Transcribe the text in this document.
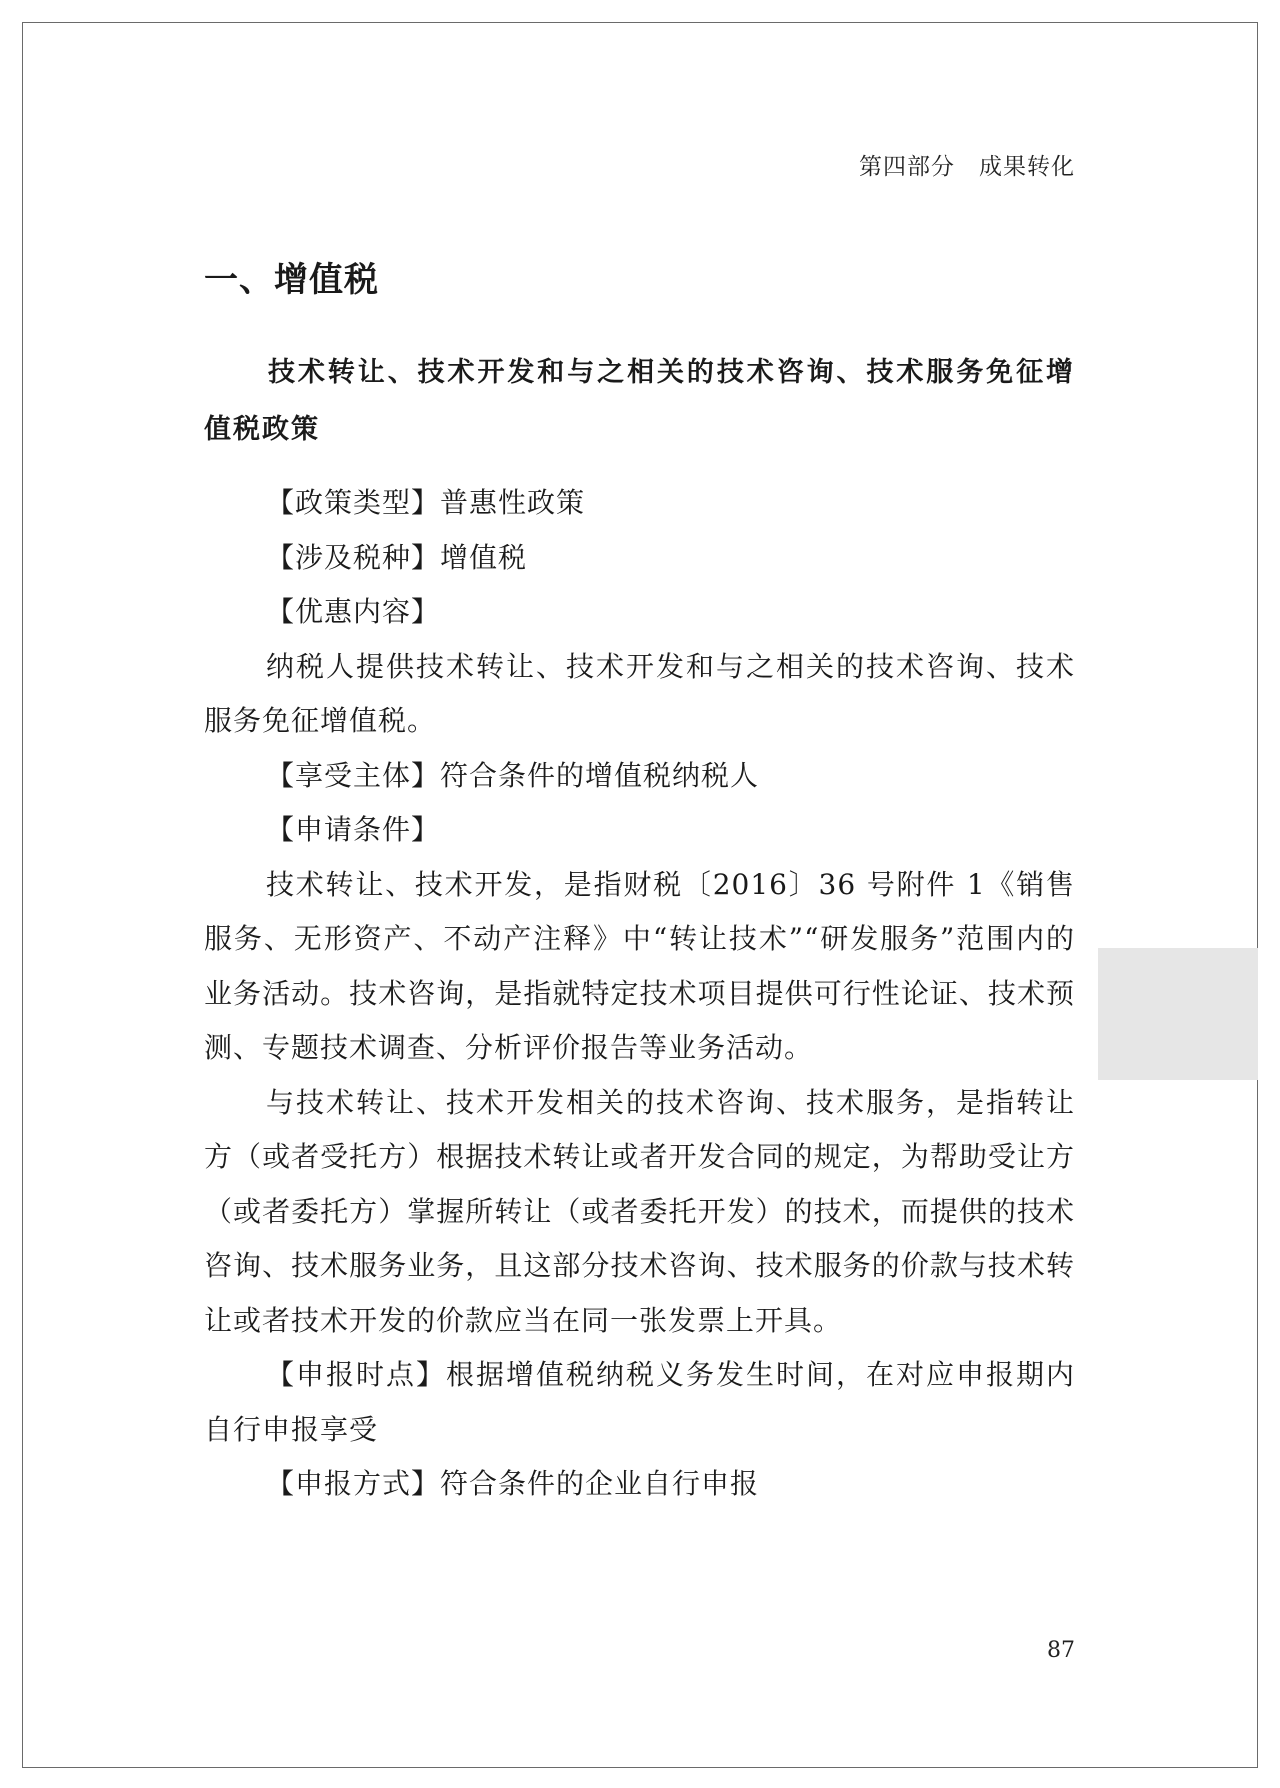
第四部分　成果转化
一、增值税
技术转让、技术开发和与之相关的技术咨询、技术服务免征增值税政策

【政策类型】普惠性政策

【涉及税种】增值税

【优惠内容】

纳税人提供技术转让、技术开发和与之相关的技术咨询、技术服务免征增值税。

【享受主体】符合条件的增值税纳税人

【申请条件】

技术转让、技术开发，是指财税〔2016〕36 号附件 1《销售服务、无形资产、不动产注释》中“转让技术”“研发服务”范围内的业务活动。技术咨询，是指就特定技术项目提供可行性论证、技术预测、专题技术调查、分析评价报告等业务活动。

与技术转让、技术开发相关的技术咨询、技术服务，是指转让方（或者受托方）根据技术转让或者开发合同的规定，为帮助受让方（或者委托方）掌握所转让（或者委托开发）的技术，而提供的技术咨询、技术服务业务，且这部分技术咨询、技术服务的价款与技术转让或者技术开发的价款应当在同一张发票上开具。

【申报时点】根据增值税纳税义务发生时间，在对应申报期内自行申报享受

【申报方式】符合条件的企业自行申报

87
